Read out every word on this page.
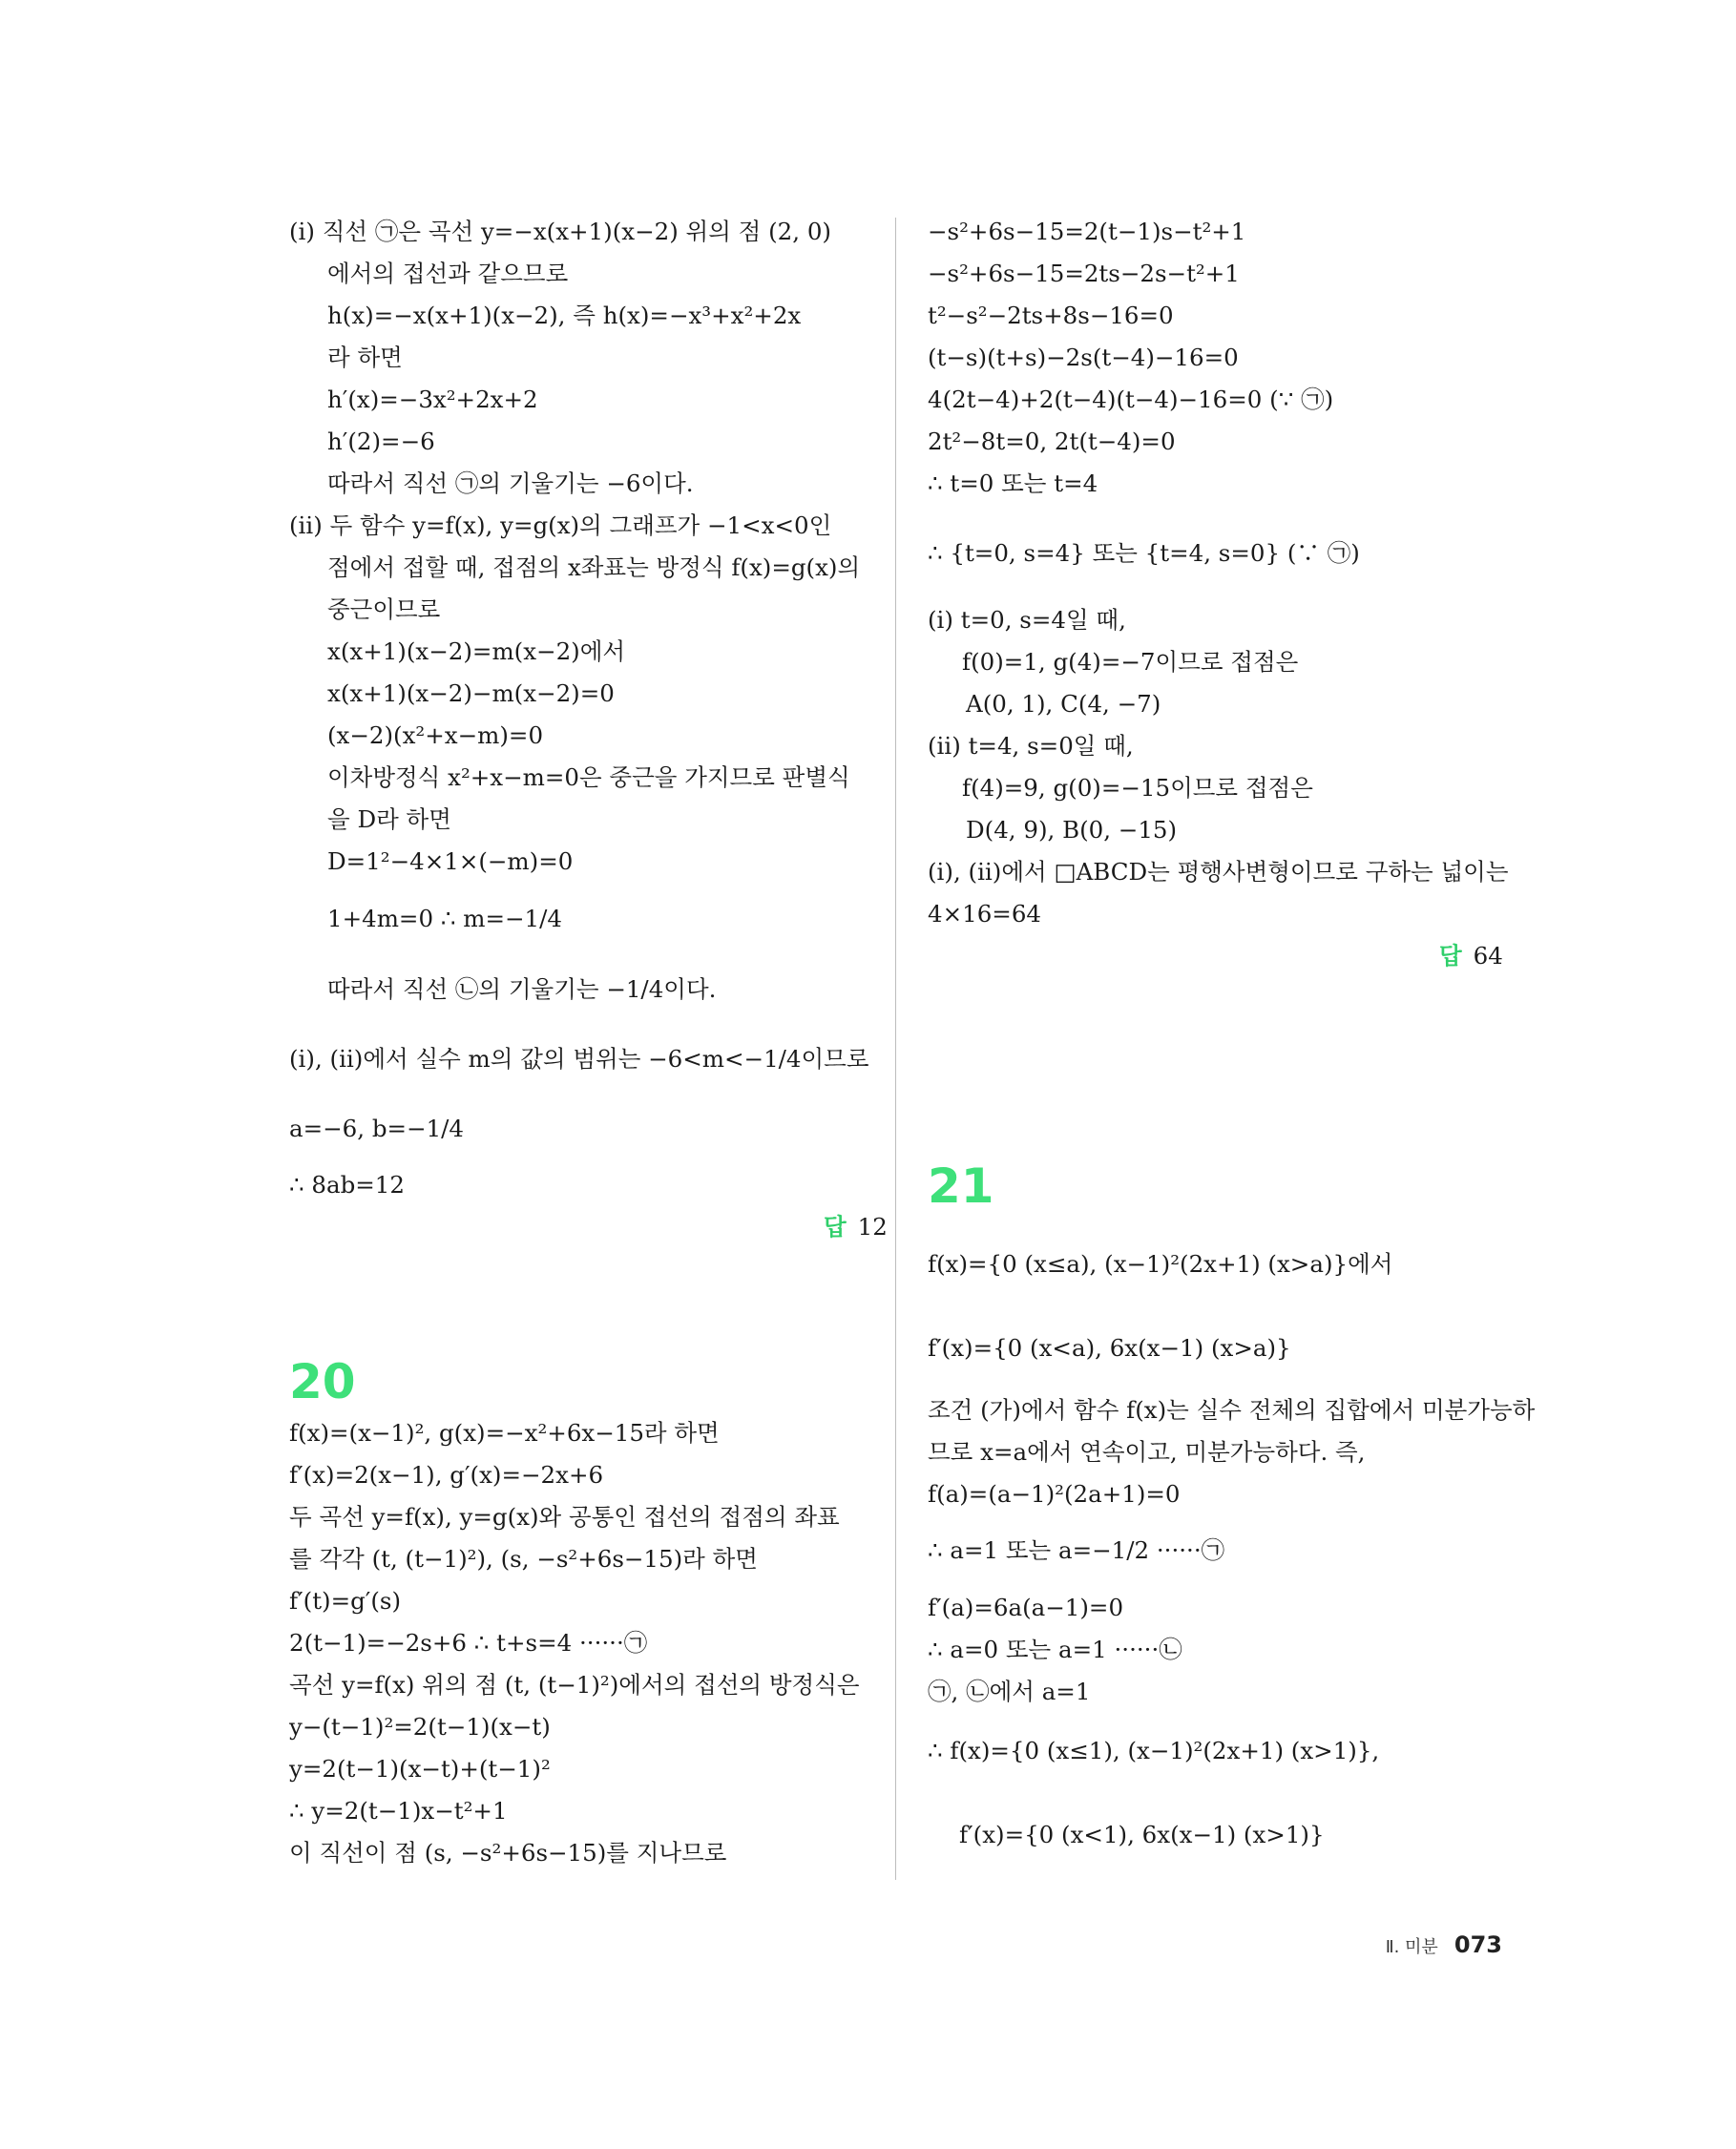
(ⅰ) 직선 ㉠은 곡선 y=−x(x+1)(x−2) 위의 점 (2, 0)
에서의 접선과 같으므로
h(x)=−x(x+1)(x−2), 즉 h(x)=−x³+x²+2x
라 하면
h′(x)=−3x²+2x+2
h′(2)=−6
따라서 직선 ㉠의 기울기는 −6이다.
(ⅱ) 두 함수 y=f(x), y=g(x)의 그래프가 −1<x<0인
점에서 접할 때, 접점의 x좌표는 방정식 f(x)=g(x)의
중근이므로
x(x+1)(x−2)=m(x−2)에서
x(x+1)(x−2)−m(x−2)=0
(x−2)(x²+x−m)=0
이차방정식 x²+x−m=0은 중근을 가지므로 판별식
을 D라 하면
D=1²−4×1×(−m)=0
1+4m=0 ∴ m=−1/4
따라서 직선 ㉡의 기울기는 −1/4이다.
(ⅰ), (ⅱ)에서 실수 m의 값의 범위는 −6<m<−1/4이므로
a=−6, b=−1/4
∴ 8ab=12
답 12
20
f(x)=(x−1)², g(x)=−x²+6x−15라 하면
f′(x)=2(x−1), g′(x)=−2x+6
두 곡선 y=f(x), y=g(x)와 공통인 접선의 접점의 좌표
를 각각 (t, (t−1)²), (s, −s²+6s−15)라 하면
f′(t)=g′(s)
2(t−1)=−2s+6 ∴ t+s=4 ······㉠
곡선 y=f(x) 위의 점 (t, (t−1)²)에서의 접선의 방정식은
y−(t−1)²=2(t−1)(x−t)
y=2(t−1)(x−t)+(t−1)²
∴ y=2(t−1)x−t²+1
이 직선이 점 (s, −s²+6s−15)를 지나므로
−s²+6s−15=2(t−1)s−t²+1
−s²+6s−15=2ts−2s−t²+1
t²−s²−2ts+8s−16=0
(t−s)(t+s)−2s(t−4)−16=0
4(2t−4)+2(t−4)(t−4)−16=0 (∵ ㉠)
2t²−8t=0, 2t(t−4)=0
∴ t=0 또는 t=4
∴ {t=0, s=4} 또는 {t=4, s=0} (∵ ㉠)
(ⅰ) t=0, s=4일 때,
f(0)=1, g(4)=−7이므로 접점은
A(0, 1), C(4, −7)
(ⅱ) t=4, s=0일 때,
f(4)=9, g(0)=−15이므로 접점은
D(4, 9), B(0, −15)
(ⅰ), (ⅱ)에서 □ABCD는 평행사변형이므로 구하는 넓이는
4×16=64
답 64
21
f(x)={0 (x≤a), (x−1)²(2x+1) (x>a)}에서
f′(x)={0 (x<a), 6x(x−1) (x>a)}
조건 (가)에서 함수 f(x)는 실수 전체의 집합에서 미분가능하
므로 x=a에서 연속이고, 미분가능하다. 즉,
f(a)=(a−1)²(2a+1)=0
∴ a=1 또는 a=−1/2 ······㉠
f′(a)=6a(a−1)=0
∴ a=0 또는 a=1 ······㉡
㉠, ㉡에서 a=1
∴ f(x)={0 (x≤1), (x−1)²(2x+1) (x>1)},
f′(x)={0 (x<1), 6x(x−1) (x>1)}
Ⅱ. 미분 073
